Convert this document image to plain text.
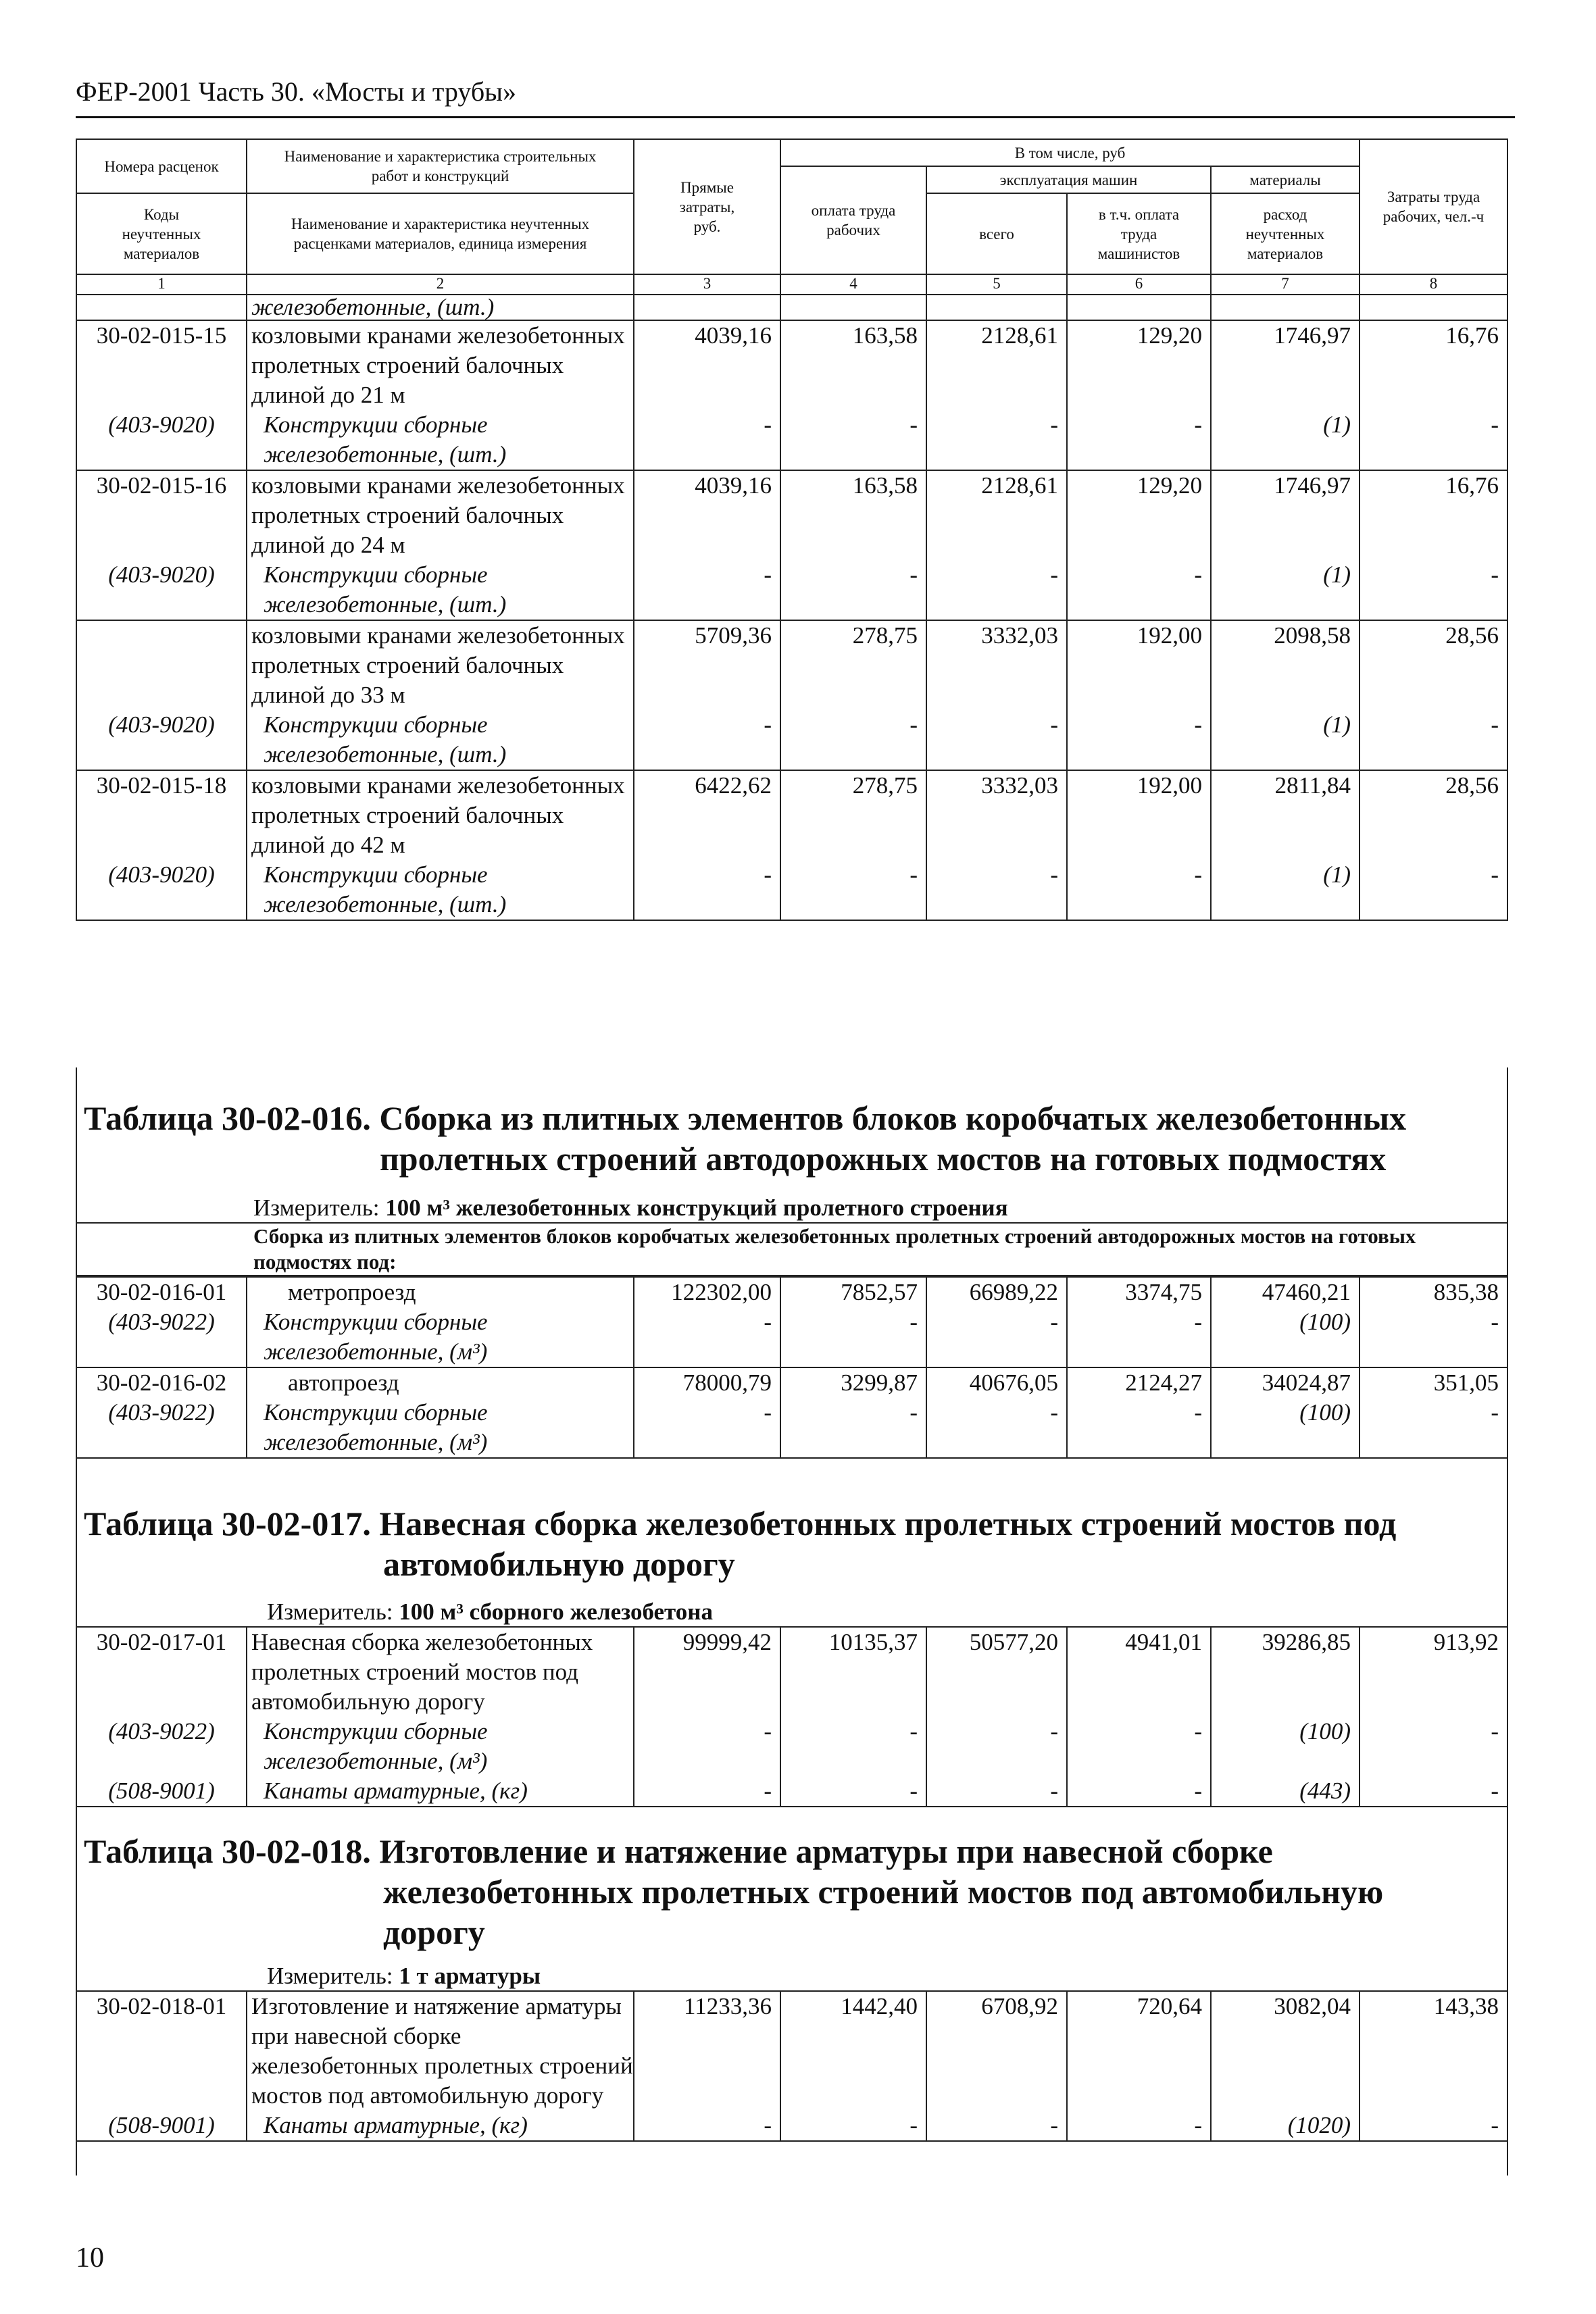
ФЕР-2001 Часть 30. «Мосты и трубы»
Номера расценок	Наименование и характеристика строительных работ и конструкций	Прямые затраты, руб.	В том числе, руб				Затраты труда рабочих, чел.-ч
			оплата труда рабочих	эксплуатация машин		материалы	
Коды неучтенных материалов	Наименование и характеристика неучтенных расценками материалов, единица измерения			всего	в т.ч. оплата труда машинистов	расход неучтенных материалов	

1	2	3	4	5	6	7	8
	железобетонные, (шт.)						
30-02-015-15	козловыми кранами железобетонных пролетных строений балочных длиной до 21 м	4039,16	163,58	2128,61	129,20	1746,97	16,76
(403-9020)	Конструкции сборные железобетонные, (шт.)	-	-	-	-	(1)	-
30-02-015-16	козловыми кранами железобетонных пролетных строений балочных длиной до 24 м	4039,16	163,58	2128,61	129,20	1746,97	16,76
(403-9020)	Конструкции сборные железобетонные, (шт.)	-	-	-	-	(1)	-
	козловыми кранами железобетонных пролетных строений балочных длиной до 33 м	5709,36	278,75	3332,03	192,00	2098,58	28,56
(403-9020)	Конструкции сборные железобетонные, (шт.)	-	-	-	-	(1)	-
30-02-015-18	козловыми кранами железобетонных пролетных строений балочных длиной до 42 м	6422,62	278,75	3332,03	192,00	2811,84	28,56
(403-9020)	Конструкции сборные железобетонные, (шт.)	-	-	-	-	(1)	-
Таблица 30-02-016. Сборка из плитных элементов блоков коробчатых железобетонных
пролетных строений автодорожных мостов на готовых подмостях
Измеритель: 100 м³ железобетонных конструкций пролетного строения
Сборка из плитных элементов блоков коробчатых железобетонных пролетных строений автодорожных мостов на готовых подмостях под:
30-02-016-01	метропроезд	122302,00	7852,57	66989,22	3374,75	47460,21	835,38
(403-9022)	Конструкции сборные железобетонные, (м³)	-	-	-	-	(100)	-
30-02-016-02	автопроезд	78000,79	3299,87	40676,05	2124,27	34024,87	351,05
(403-9022)	Конструкции сборные железобетонные, (м³)	-	-	-	-	(100)	-
Таблица 30-02-017. Навесная сборка железобетонных пролетных строений мостов под
автомобильную дорогу
Измеритель: 100 м³ сборного железобетона
30-02-017-01	Навесная сборка железобетонных пролетных строений мостов под автомобильную дорогу	99999,42	10135,37	50577,20	4941,01	39286,85	913,92
(403-9022)	Конструкции сборные железобетонные, (м³)	-	-	-	-	(100)	-
(508-9001)	Канаты арматурные, (кг)	-	-	-	-	(443)	-
Таблица 30-02-018. Изготовление и натяжение арматуры при навесной сборке
железобетонных пролетных строений мостов под автомобильную
дорогу
Измеритель: 1 т арматуры
30-02-018-01	Изготовление и натяжение арматуры при навесной сборке железобетонных пролетных строений мостов под автомобильную дорогу	11233,36	1442,40	6708,92	720,64	3082,04	143,38
(508-9001)	Канаты арматурные, (кг)	-	-	-	-	(1020)	-
10
